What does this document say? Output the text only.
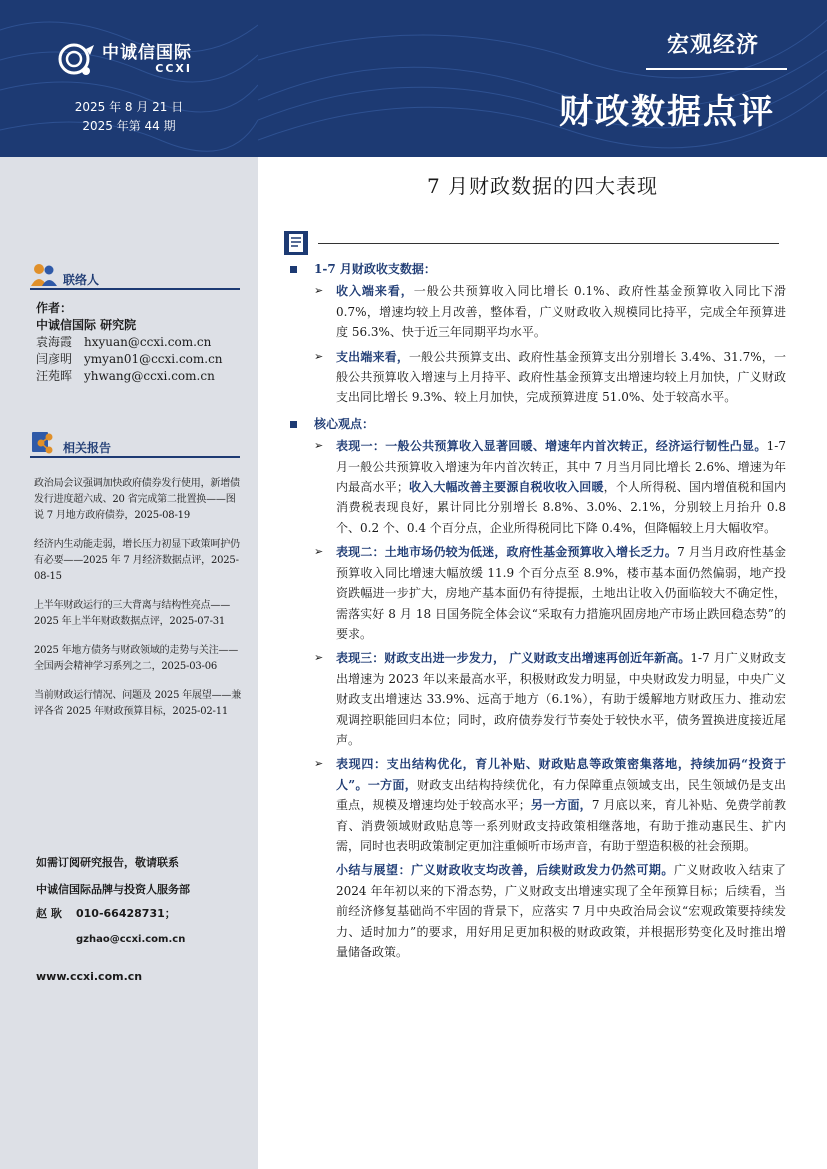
中诚信国际
CCXI
2025 年 8 月 21 日
2025 年第 44 期
联络人
作者：
中诚信国际 研究院
袁海霞 hxyuan@ccxi.com.cn
闫彦明 ymyan01@ccxi.com.cn
汪苑晖 yhwang@ccxi.com.cn
相关报告
政治局会议强调加快政府债券发行使用，新增债发行进度超六成、20 省完成第二批置换——图说 7 月地方政府债券，2025-08-19
经济内生动能走弱，增长压力初显下政策呵护仍有必要——2025 年 7 月经济数据点评，2025-08-15
上半年财政运行的三大背离与结构性亮点——2025 年上半年财政数据点评，2025-07-31
2025 年地方债务与财政领域的走势与关注——全国两会精神学习系列之二，2025-03-06
当前财政运行情况、问题及 2025 年展望——兼评各省 2025 年财政预算目标，2025-02-11
如需订阅研究报告，敬请联系
中诚信国际品牌与投资人服务部
赵 耿	010-66428731；
gzhao@ccxi.com.cn
www.ccxi.com.cn
宏观经济
财政数据点评
7 月财政数据的四大表现
1-7 月财政收支数据：
➢	收入端来看，一般公共预算收入同比增长 0.1%、政府性基金预算收入同比下滑 0.7%，增速均较上月改善，整体看，广义财政收入规模同比持平，完成全年预算进度 56.3%、快于近三年同期平均水平。
➢	支出端来看，一般公共预算支出、政府性基金预算支出分别增长 3.4%、31.7%，一般公共预算收入增速与上月持平、政府性基金预算支出增速均较上月加快，广义财政支出同比增长 9.3%、较上月加快，完成预算进度 51.0%、处于较高水平。
核心观点：
➢	表现一：一般公共预算收入显著回暖、增速年内首次转正，经济运行韧性凸显。1-7 月一般公共预算收入增速为年内首次转正，其中 7 月当月同比增长 2.6%、增速为年内最高水平；收入大幅改善主要源自税收收入回暖，个人所得税、国内增值税和国内消费税表现良好，累计同比分别增长 8.8%、3.0%、2.1%，分别较上月抬升 0.8 个、0.2 个、0.4 个百分点，企业所得税同比下降 0.4%，但降幅较上月大幅收窄。
➢	表现二：土地市场仍较为低迷，政府性基金预算收入增长乏力。7 月当月政府性基金预算收入同比增速大幅放缓 11.9 个百分点至 8.9%，楼市基本面仍然偏弱，地产投资跌幅进一步扩大，房地产基本面仍有待提振，土地出让收入仍面临较大不确定性，需落实好 8 月 18 日国务院全体会议“采取有力措施巩固房地产市场止跌回稳态势”的要求。
➢	表现三：财政支出进一步发力， 广义财政支出增速再创近年新高。1-7 月广义财政支出增速为 2023 年以来最高水平，积极财政发力明显，中央财政发力明显，中央广义财政支出增速达 33.9%、远高于地方（6.1%），有助于缓解地方财政压力、推动宏观调控职能回归本位；同时，政府债券发行节奏处于较快水平，债务置换进度接近尾声。
➢	表现四：支出结构优化，育儿补贴、财政贴息等政策密集落地，持续加码“投资于人”。一方面，财政支出结构持续优化，有力保障重点领域支出，民生领域仍是支出重点，规模及增速均处于较高水平；另一方面，7 月底以来，育儿补贴、免费学前教育、消费领域财政贴息等一系列财政支持政策相继落地，有助于推动惠民生、扩内需，同时也表明政策制定更加注重倾听市场声音，有助于塑造积极的社会预期。
小结与展望：广义财政收支均改善，后续财政发力仍然可期。广义财政收入结束了 2024 年年初以来的下滑态势，广义财政支出增速实现了全年预算目标；后续看，当前经济修复基础尚不牢固的背景下，应落实 7 月中央政治局会议“宏观政策要持续发力、适时加力”的要求，用好用足更加积极的财政政策，并根据形势变化及时推出增量储备政策。
